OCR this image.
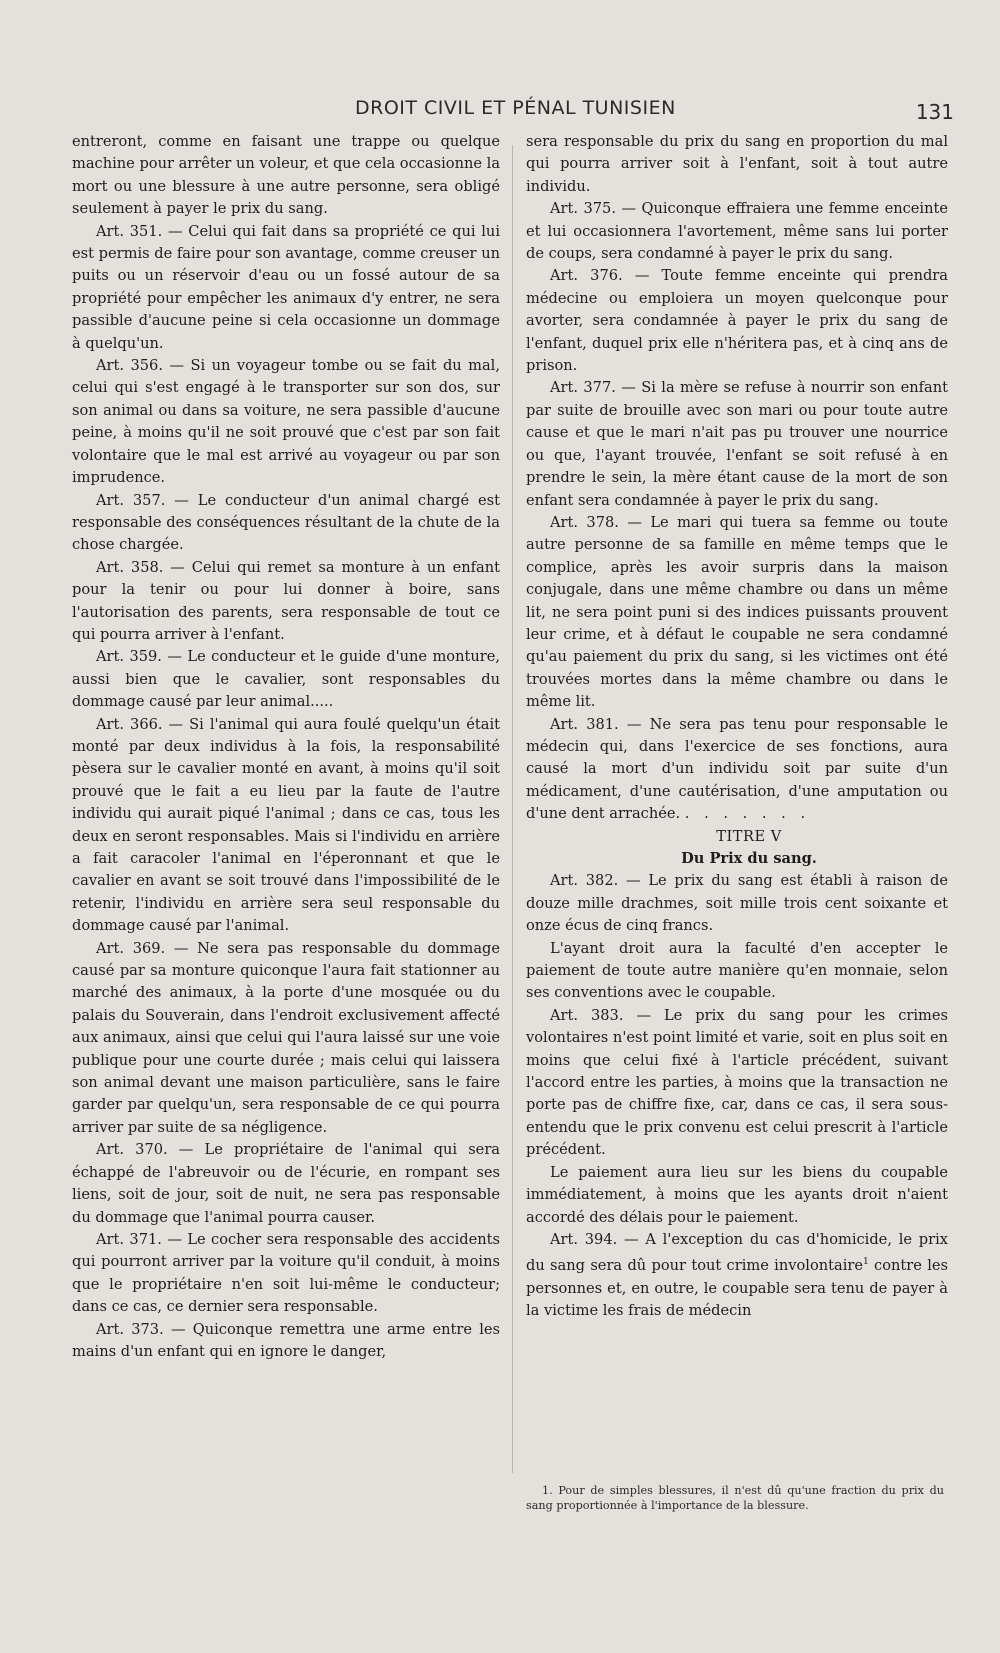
DROIT CIVIL ET PÉNAL TUNISIEN	131

entreront, comme en faisant une trappe ou quelque machine pour arrêter un voleur, et que cela occasionne la mort ou une blessure à une autre personne, sera obligé seulement à payer le prix du sang.

Art. 351. — Celui qui fait dans sa propriété ce qui lui est permis de faire pour son avantage, comme creuser un puits ou un réservoir d'eau ou un fossé autour de sa propriété pour empêcher les animaux d'y entrer, ne sera passible d'aucune peine si cela occasionne un dommage à quelqu'un.

Art. 356. — Si un voyageur tombe ou se fait du mal, celui qui s'est engagé à le transporter sur son dos, sur son animal ou dans sa voiture, ne sera passible d'aucune peine, à moins qu'il ne soit prouvé que c'est par son fait volontaire que le mal est arrivé au voyageur ou par son imprudence.

Art. 357. — Le conducteur d'un animal chargé est responsable des conséquences résultant de la chute de la chose chargée.

Art. 358. — Celui qui remet sa monture à un enfant pour la tenir ou pour lui donner à boire, sans l'autorisation des parents, sera responsable de tout ce qui pourra arriver à l'enfant.

Art. 359. — Le conducteur et le guide d'une monture, aussi bien que le cavalier, sont responsables du dommage causé par leur animal.....

Art. 366. — Si l'animal qui aura foulé quelqu'un était monté par deux individus à la fois, la responsabilité pèsera sur le cavalier monté en avant, à moins qu'il soit prouvé que le fait a eu lieu par la faute de l'autre individu qui aurait piqué l'animal ; dans ce cas, tous les deux en seront responsables. Mais si l'individu en arrière a fait caracoler l'animal en l'éperonnant et que le cavalier en avant se soit trouvé dans l'impossibilité de le retenir, l'individu en arrière sera seul responsable du dommage causé par l'animal.

Art. 369. — Ne sera pas responsable du dommage causé par sa monture quiconque l'aura fait stationner au marché des animaux, à la porte d'une mosquée ou du palais du Souverain, dans l'endroit exclusivement affecté aux animaux, ainsi que celui qui l'aura laissé sur une voie publique pour une courte durée ; mais celui qui laissera son animal devant une maison particulière, sans le faire garder par quelqu'un, sera responsable de ce qui pourra arriver par suite de sa négligence.

Art. 370. — Le propriétaire de l'animal qui sera échappé de l'abreuvoir ou de l'écurie, en rompant ses liens, soit de jour, soit de nuit, ne sera pas responsable du dommage que l'animal pourra causer.

Art. 371. — Le cocher sera responsable des accidents qui pourront arriver par la voiture qu'il conduit, à moins que le propriétaire n'en soit lui-même le conducteur; dans ce cas, ce dernier sera responsable.

Art. 373. — Quiconque remettra une arme entre les mains d'un enfant qui en ignore le danger,

sera responsable du prix du sang en proportion du mal qui pourra arriver soit à l'enfant, soit à tout autre individu.

Art. 375. — Quiconque effraiera une femme enceinte et lui occasionnera l'avortement, même sans lui porter de coups, sera condamné à payer le prix du sang.

Art. 376. — Toute femme enceinte qui prendra médecine ou emploiera un moyen quelconque pour avorter, sera condamnée à payer le prix du sang de l'enfant, duquel prix elle n'héritera pas, et à cinq ans de prison.

Art. 377. — Si la mère se refuse à nourrir son enfant par suite de brouille avec son mari ou pour toute autre cause et que le mari n'ait pas pu trouver une nourrice ou que, l'ayant trouvée, l'enfant se soit refusé à en prendre le sein, la mère étant cause de la mort de son enfant sera condamnée à payer le prix du sang.

Art. 378. — Le mari qui tuera sa femme ou toute autre personne de sa famille en même temps que le complice, après les avoir surpris dans la maison conjugale, dans une même chambre ou dans un même lit, ne sera point puni si des indices puissants prouvent leur crime, et à défaut le coupable ne sera condamné qu'au paiement du prix du sang, si les victimes ont été trouvées mortes dans la même chambre ou dans le même lit.

Art. 381. — Ne sera pas tenu pour responsable le médecin qui, dans l'exercice de ses fonctions, aura causé la mort d'un individu soit par suite d'un médicament, d'une cautérisation, d'une amputation ou d'une dent arrachée. . . . . . . .

TITRE V

Du Prix du sang.

Art. 382. — Le prix du sang est établi à raison de douze mille drachmes, soit mille trois cent soixante et onze écus de cinq francs.

L'ayant droit aura la faculté d'en accepter le paiement de toute autre manière qu'en monnaie, selon ses conventions avec le coupable.

Art. 383. — Le prix du sang pour les crimes volontaires n'est point limité et varie, soit en plus soit en moins que celui fixé à l'article précédent, suivant l'accord entre les parties, à moins que la transaction ne porte pas de chiffre fixe, car, dans ce cas, il sera sous-entendu que le prix convenu est celui prescrit à l'article précédent.

Le paiement aura lieu sur les biens du coupable immédiatement, à moins que les ayants droit n'aient accordé des délais pour le paiement.

Art. 394. — A l'exception du cas d'homicide, le prix du sang sera dû pour tout crime involontaire$^1$ contre les personnes et, en outre, le coupable sera tenu de payer à la victime les frais de médecin

1. Pour de simples blessures, il n'est dû qu'une fraction du prix du sang proportionnée à l'importance de la blessure.
